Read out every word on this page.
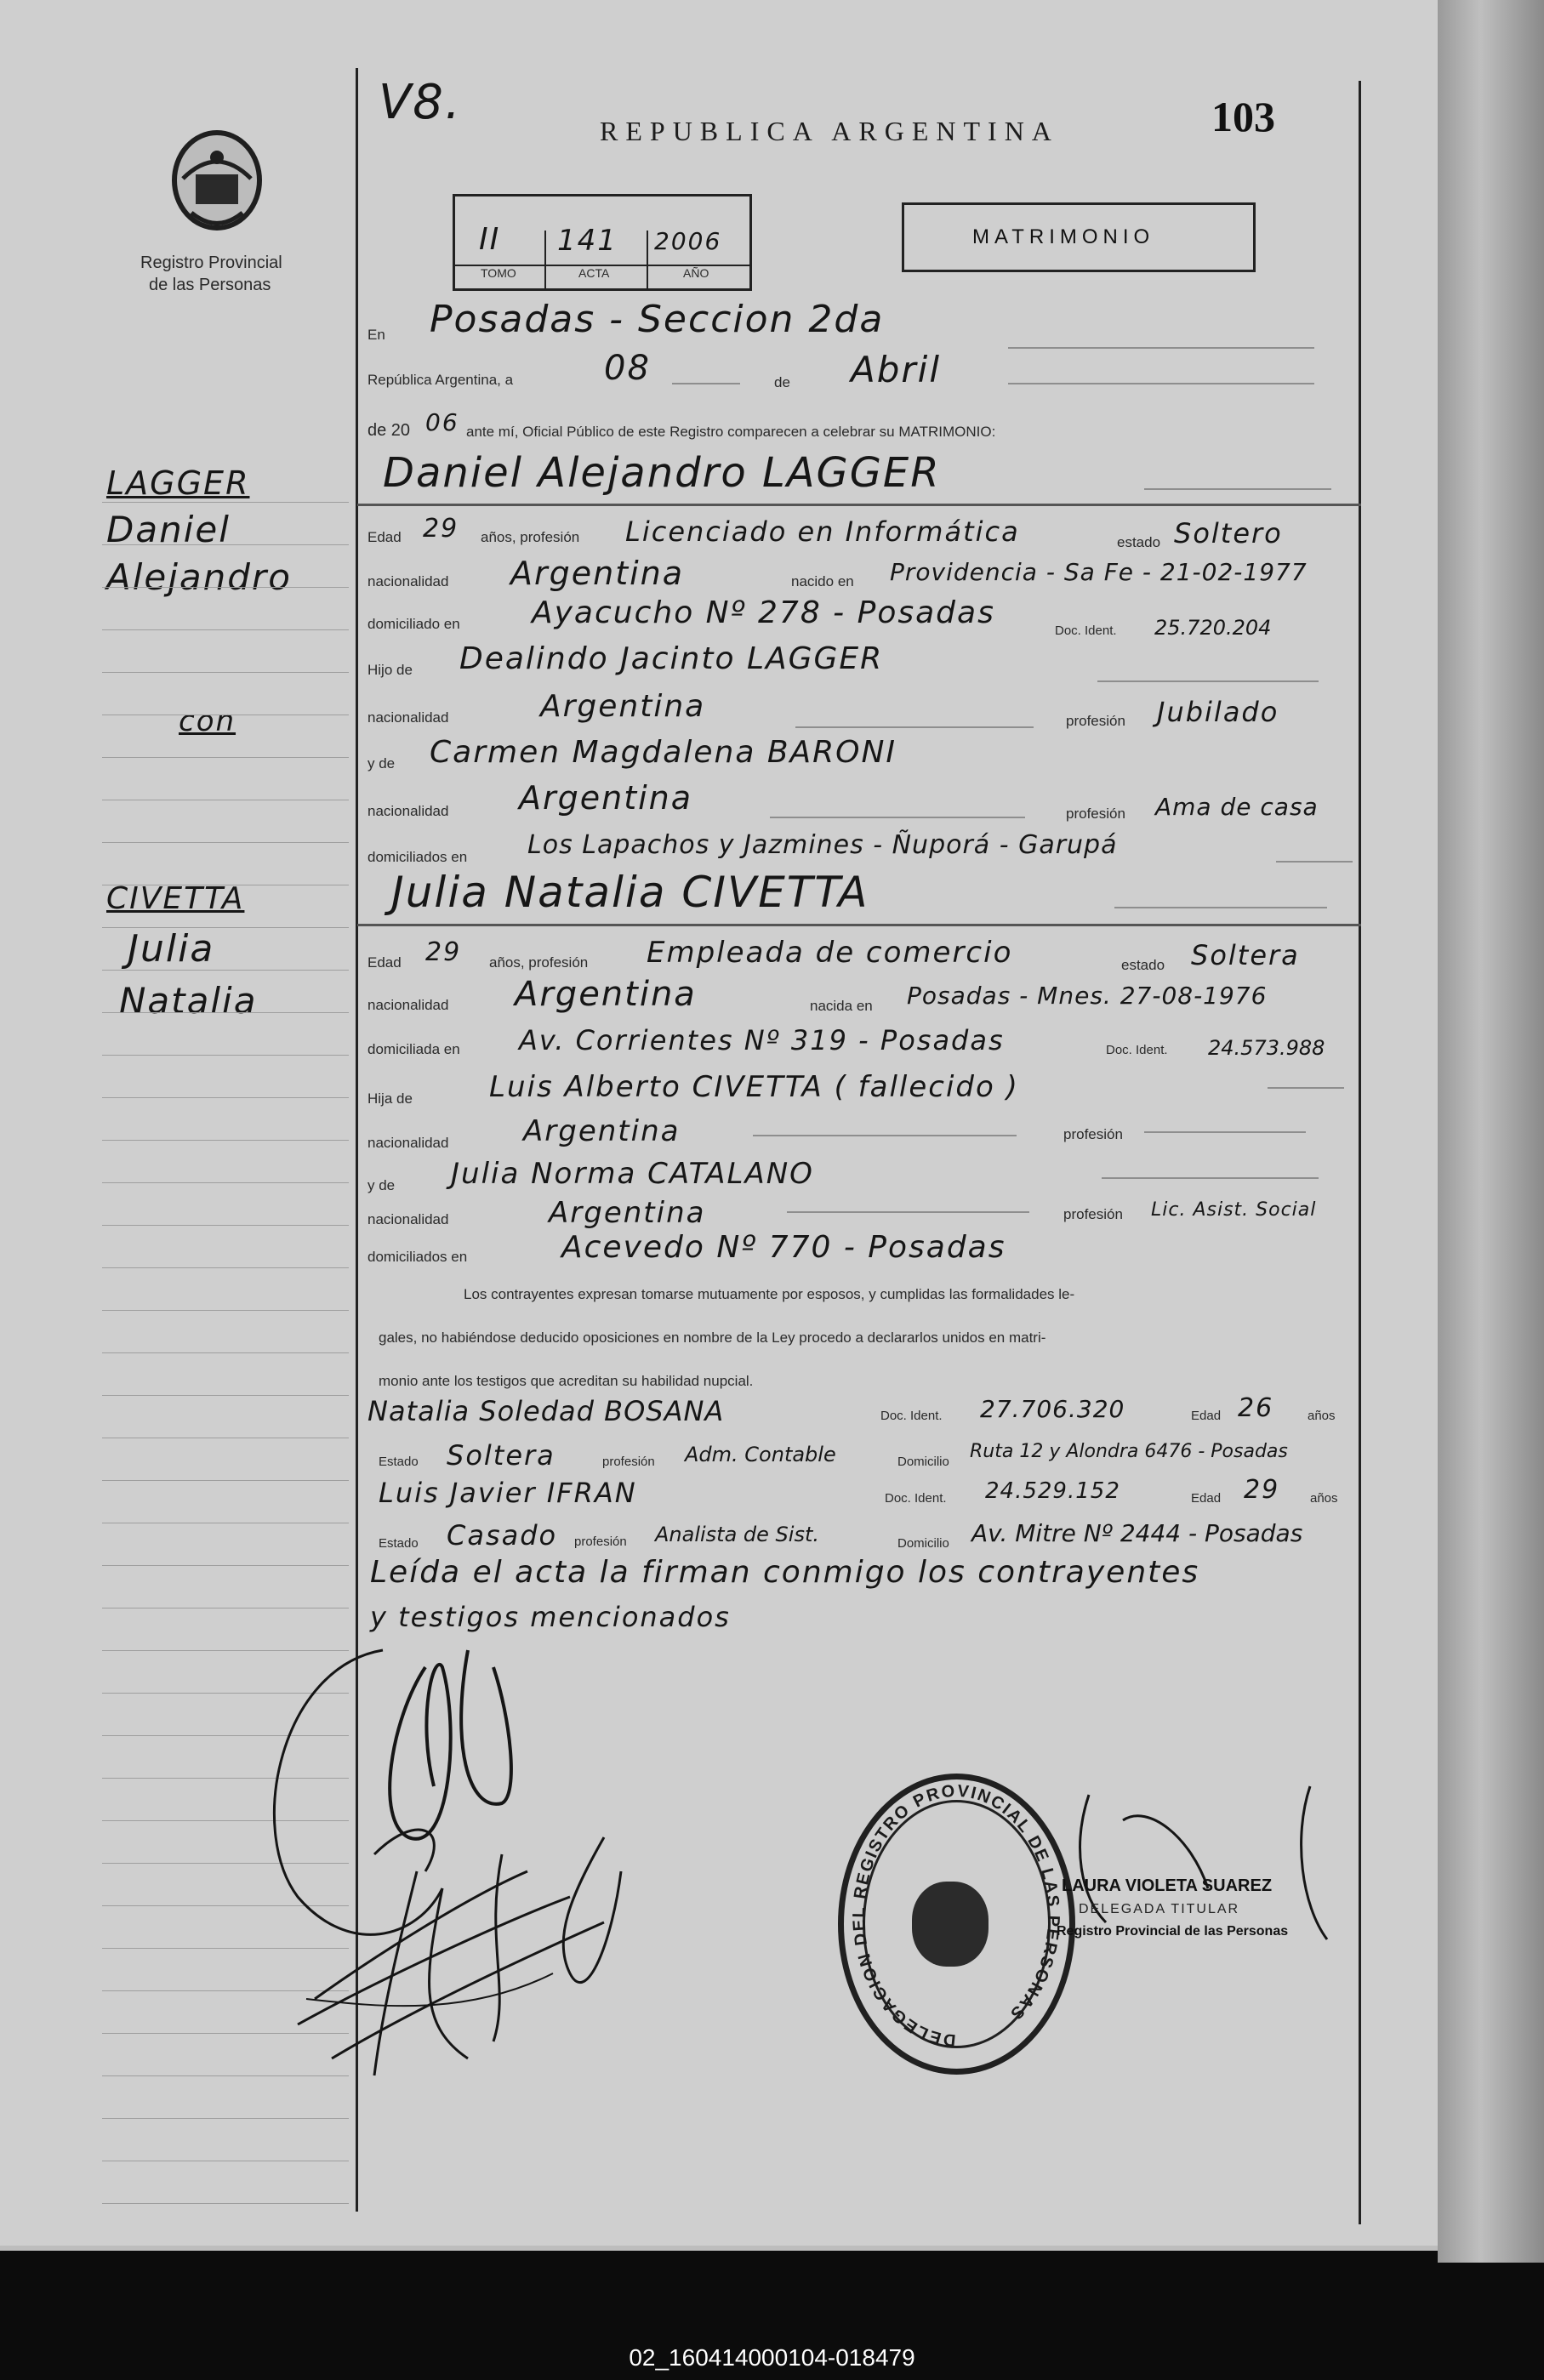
Registro Provincial
de las Personas
V8.
REPUBLICA ARGENTINA	103
II 141 2006
TOMO	ACTA	AÑO
MATRIMONIO
En Posadas - Seccion 2da
República Argentina, a	08	de Abril
de 20 06 ante mí, Oficial Público de este Registro comparecen a celebrar su MATRIMONIO:
Daniel Alejandro LAGGER
Edad 29 años, profesión Licenciado en Informática	estado Soltero
nacionalidad Argentina	nacido en Providencia - Sa Fe - 21-02-1977
domiciliado en Ayacucho Nº 278 - Posadas
Doc. Ident. 25.720.204
Hijo de Dealindo Jacinto LAGGER
nacionalidad	Argentina	profesión Jubilado
y de Carmen Magdalena BARONI
nacionalidad Argentina	profesión Ama de casa
domiciliados en Los Lapachos y Jazmines - Ñuporá - Garupá
Julia Natalia CIVETTA
Edad 29 años, profesión Empleada de comercio	estado Soltera
nacionalidad Argentina	nacida en Posadas - Mnes. 27-08-1976
domiciliada en Av. Corrientes Nº 319 - Posadas	Doc. Ident. 24.573.988
Hija de	Luis Alberto CIVETTA ( fallecido )
nacionalidad	Argentina	profesión
y de Julia Norma CATALANO
nacionalidad	Argentina	profesión Lic. Asist. Social
domiciliados en	Acevedo Nº 770 - Posadas
Los contrayentes expresan tomarse mutuamente por esposos, y cumplidas las formalidades le-
gales, no habiéndose deducido oposiciones en nombre de la Ley procedo a declararlos unidos en matri-
monio ante los testigos que acreditan su habilidad nupcial.
Natalia Soledad BOSANA	Doc. Ident. 27.706.320	Edad 26	años
Estado Soltera	profesión Adm. Contable	Domicilio Ruta 12 y Alondra 6476 - Posadas
Luis Javier IFRAN	Doc. Ident. 24.529.152	Edad 29 años
Estado Casado profesión Analista de Sist.	Domicilio Av. Mitre Nº 2444 - Posadas
Leída el acta la firman conmigo los contrayentes
y testigos mencionados
LAGGER
Daniel
Alejandro
con
CIVETTA
Julia
Natalia
DELEGACION DEL REGISTRO PROVINCIAL DE LAS PERSONAS
LAURA VIOLETA SUAREZ
DELEGADA TITULAR
Registro Provincial de las Personas
02_160414000104-018479
